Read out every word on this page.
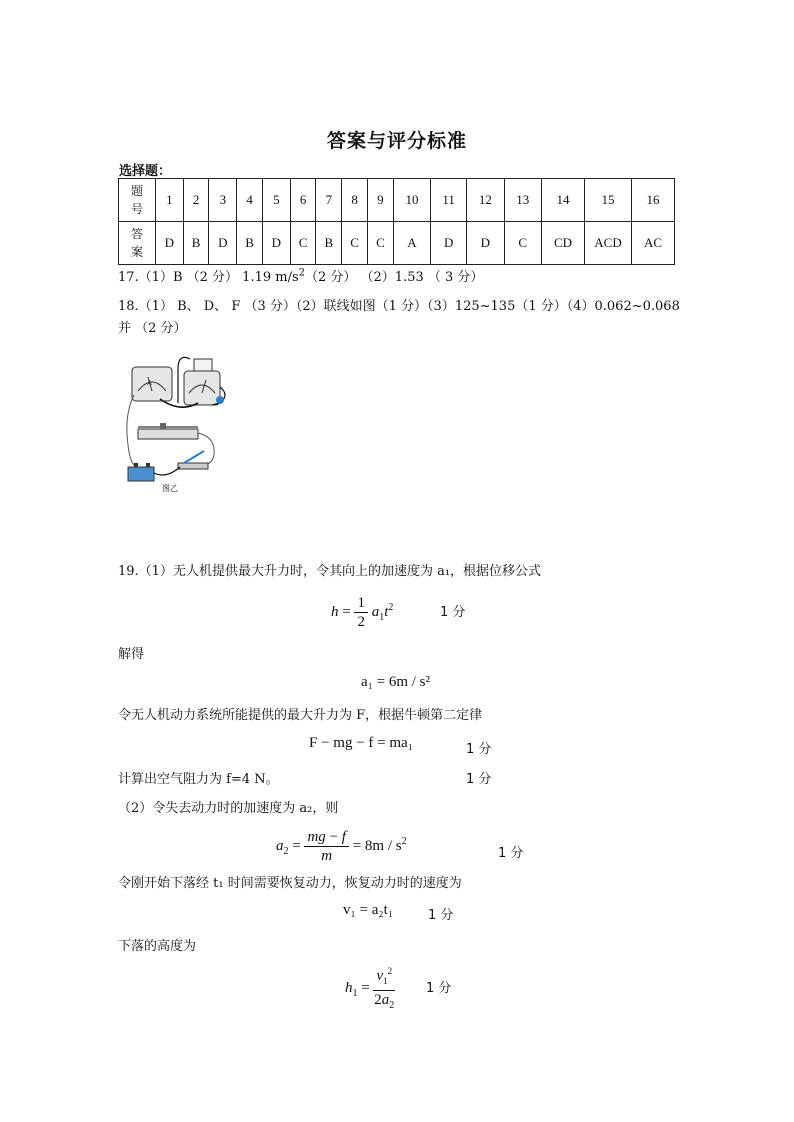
答案与评分标准
选择题：
题号	1	2	3	4	5	6	7	8	9	10	11	12	13	14	15	16
答案	D	B	D	B	D	C	B	C	C	A	D	D	C	CD	ACD	AC
17.（1）B （2 分） 1.19 $m/s^2(2$ 分） （2）1.53 （ 3 分）
18.（1） B、 D、 F （3 分）（2）联线如图（1 分）（3）125~135（1 分）（4）0.062~0.068
并 （2 分）
A
图乙
19.（1）无人机提供最大升力时，令其向上的加速度为 a₁，根据位移公式
$h = \frac{1}{2} a_1t^2$	1 分
解得
a₁ = 6m / s²
令无人机动力系统所能提供的最大升力为 F，根据牛顿第二定律
F − mg − f = ma₁	1 分
计算出空气阻力为 f=4 N。	1 分
（2）令失去动力时的加速度为 a₂，则
$a_2 = \frac{mg - f}{m} = 8m / s^2$
1 分
令刚开始下落经 t₁ 时间需要恢复动力，恢复动力时的速度为
v₁ = a₂t₁	1 分
下落的高度为
$h_1 = \frac{v_1^2}{2a_2} 1$ 分
